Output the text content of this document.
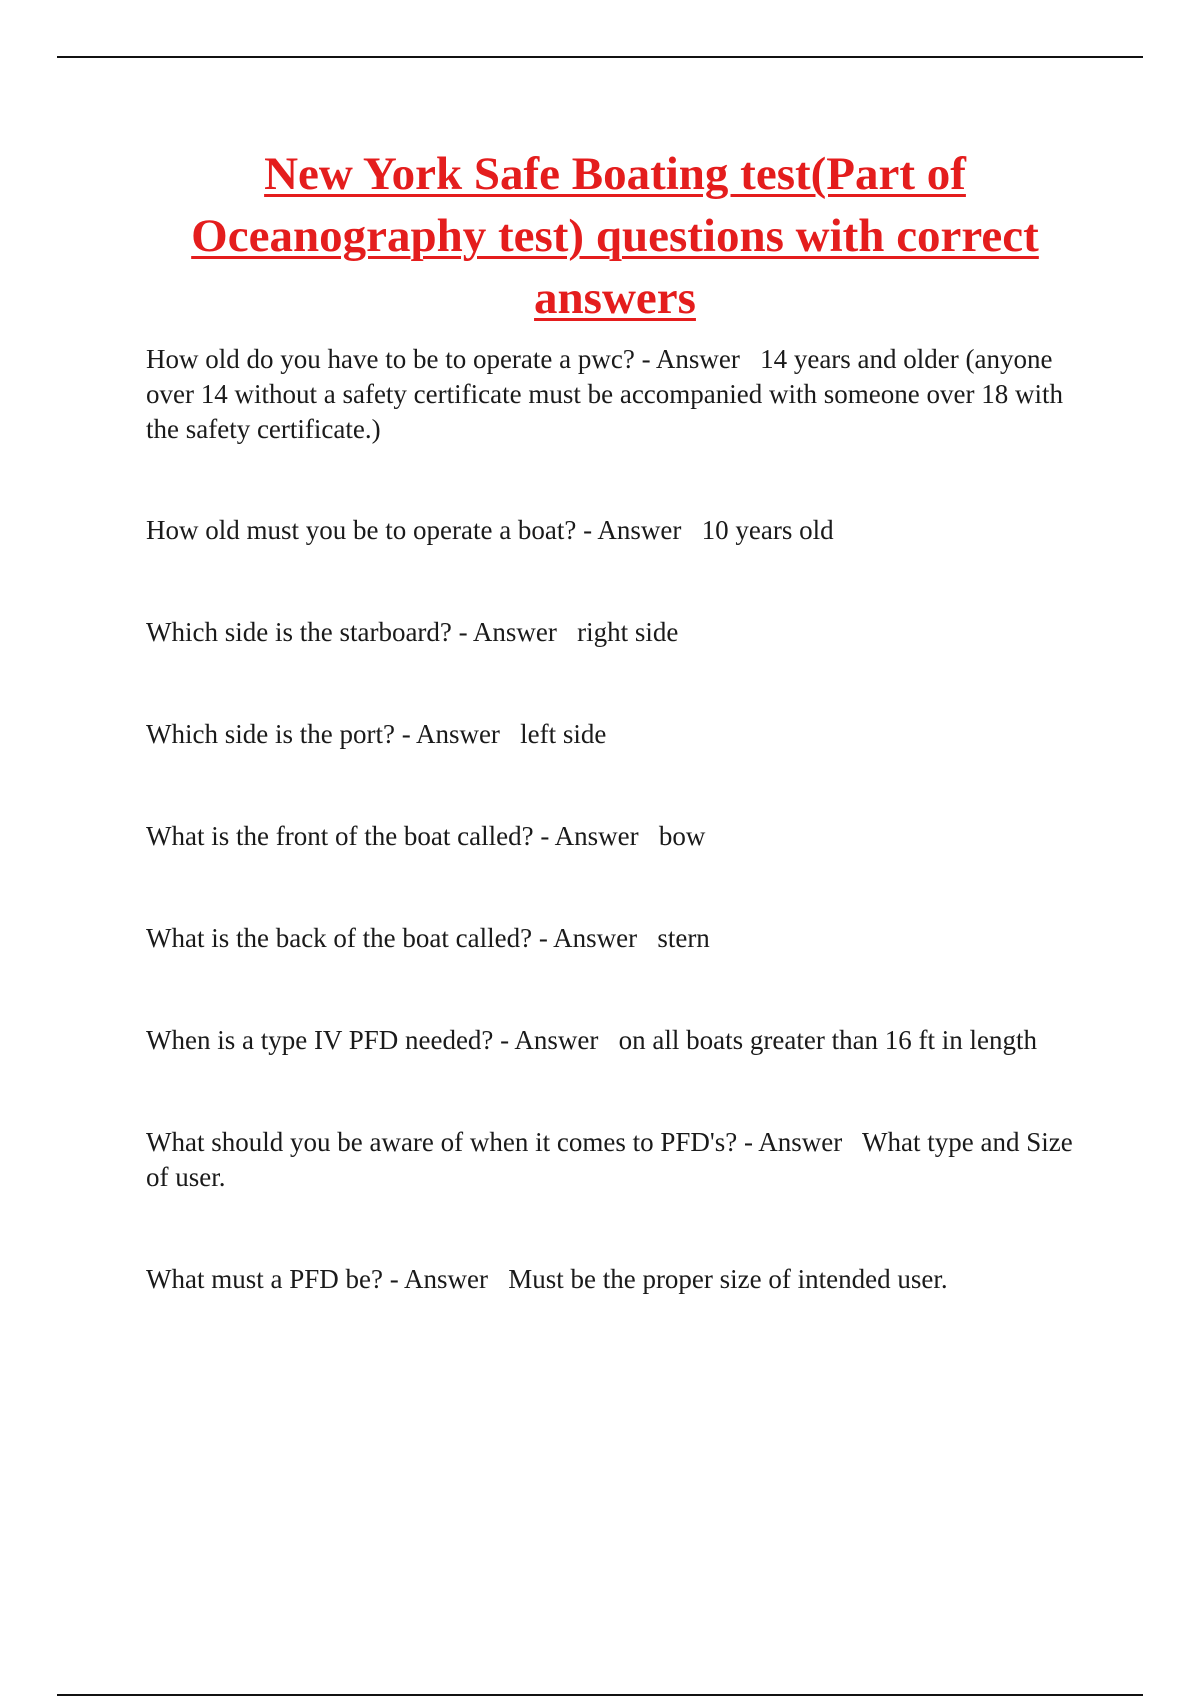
New York Safe Boating test(Part of Oceanography test) questions with correct answers
How old do you have to be to operate a pwc? - Answer   14 years and older (anyone over 14 without a safety certificate must be accompanied with someone over 18 with the safety certificate.)
How old must you be to operate a boat? - Answer   10 years old
Which side is the starboard? - Answer   right side
Which side is the port? - Answer   left side
What is the front of the boat called? - Answer   bow
What is the back of the boat called? - Answer   stern
When is a type IV PFD needed? - Answer   on all boats greater than 16 ft in length
What should you be aware of when it comes to PFD's? - Answer   What type and Size of user.
What must a PFD be? - Answer   Must be the proper size of intended user.
